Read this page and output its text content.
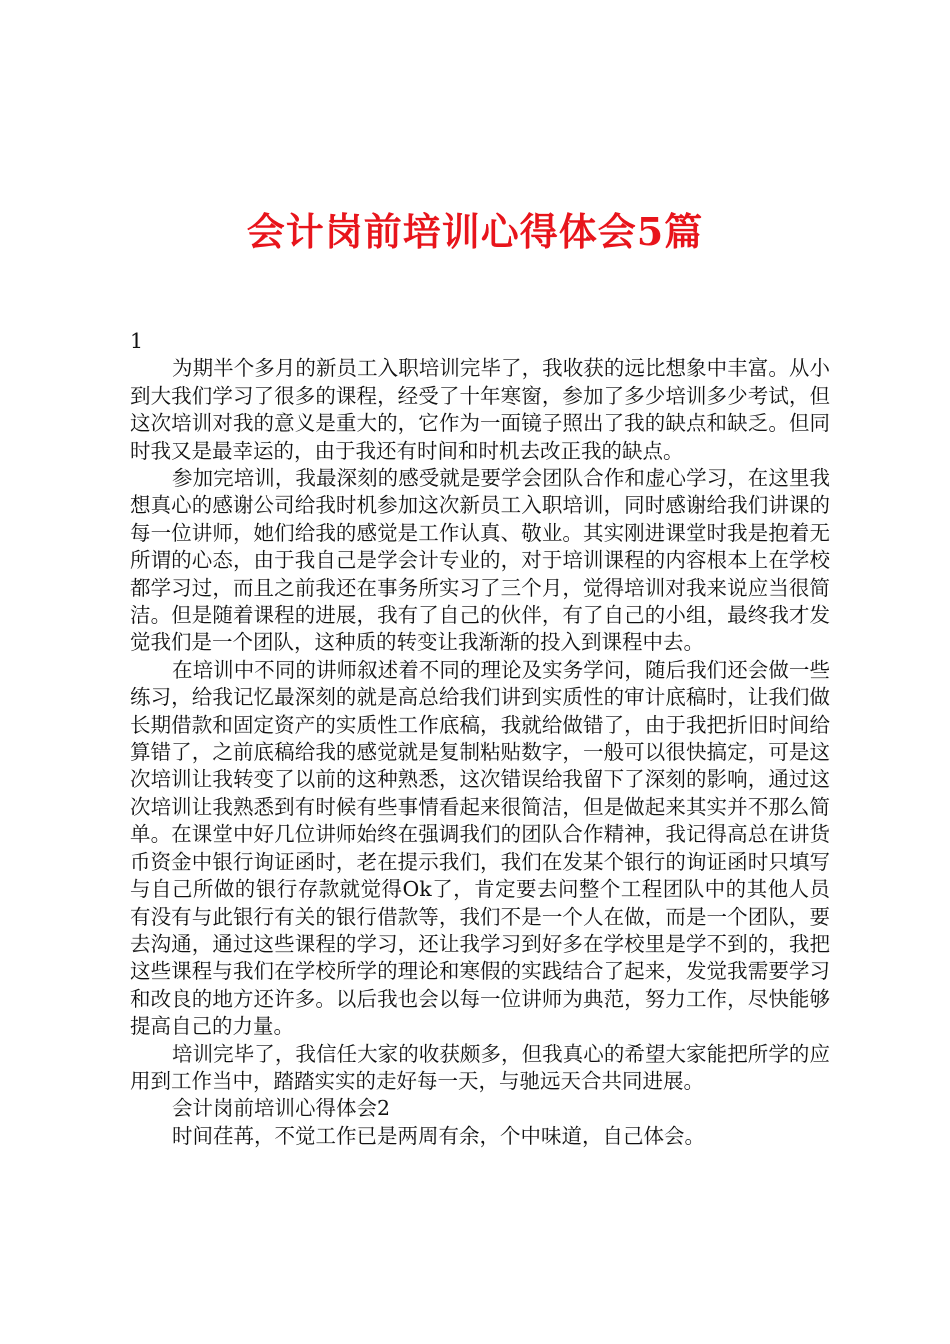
会计岗前培训心得体会5篇

1

为期半个多月的新员工入职培训完毕了，我收获的远比想象中丰富。从小到大我们学习了很多的课程，经受了十年寒窗，参加了多少培训多少考试，但这次培训对我的意义是重大的，它作为一面镜子照出了我的缺点和缺乏。但同时我又是最幸运的，由于我还有时间和时机去改正我的缺点。

参加完培训，我最深刻的感受就是要学会团队合作和虚心学习，在这里我想真心的感谢公司给我时机参加这次新员工入职培训，同时感谢给我们讲课的每一位讲师，她们给我的感觉是工作认真、敬业。其实刚进课堂时我是抱着无所谓的心态，由于我自己是学会计专业的，对于培训课程的内容根本上在学校都学习过，而且之前我还在事务所实习了三个月，觉得培训对我来说应当很简洁。但是随着课程的进展，我有了自己的伙伴，有了自己的小组，最终我才发觉我们是一个团队，这种质的转变让我渐渐的投入到课程中去。

在培训中不同的讲师叙述着不同的理论及实务学问，随后我们还会做一些练习，给我记忆最深刻的就是高总给我们讲到实质性的审计底稿时，让我们做长期借款和固定资产的实质性工作底稿，我就给做错了，由于我把折旧时间给算错了，之前底稿给我的感觉就是复制粘贴数字，一般可以很快搞定，可是这次培训让我转变了以前的这种熟悉，这次错误给我留下了深刻的影响，通过这次培训让我熟悉到有时候有些事情看起来很简洁，但是做起来其实并不那么简单。在课堂中好几位讲师始终在强调我们的团队合作精神，我记得高总在讲货币资金中银行询证函时，老在提示我们，我们在发某个银行的询证函时只填写与自己所做的银行存款就觉得Ok了，肯定要去问整个工程团队中的其他人员有没有与此银行有关的银行借款等，我们不是一个人在做，而是一个团队，要去沟通，通过这些课程的学习，还让我学习到好多在学校里是学不到的，我把这些课程与我们在学校所学的理论和寒假的实践结合了起来，发觉我需要学习和改良的地方还许多。以后我也会以每一位讲师为典范，努力工作，尽快能够提高自己的力量。

培训完毕了，我信任大家的收获颇多，但我真心的希望大家能把所学的应用到工作当中，踏踏实实的走好每一天，与驰远天合共同进展。

会计岗前培训心得体会2

时间荏苒，不觉工作已是两周有余，个中味道，自己体会。
